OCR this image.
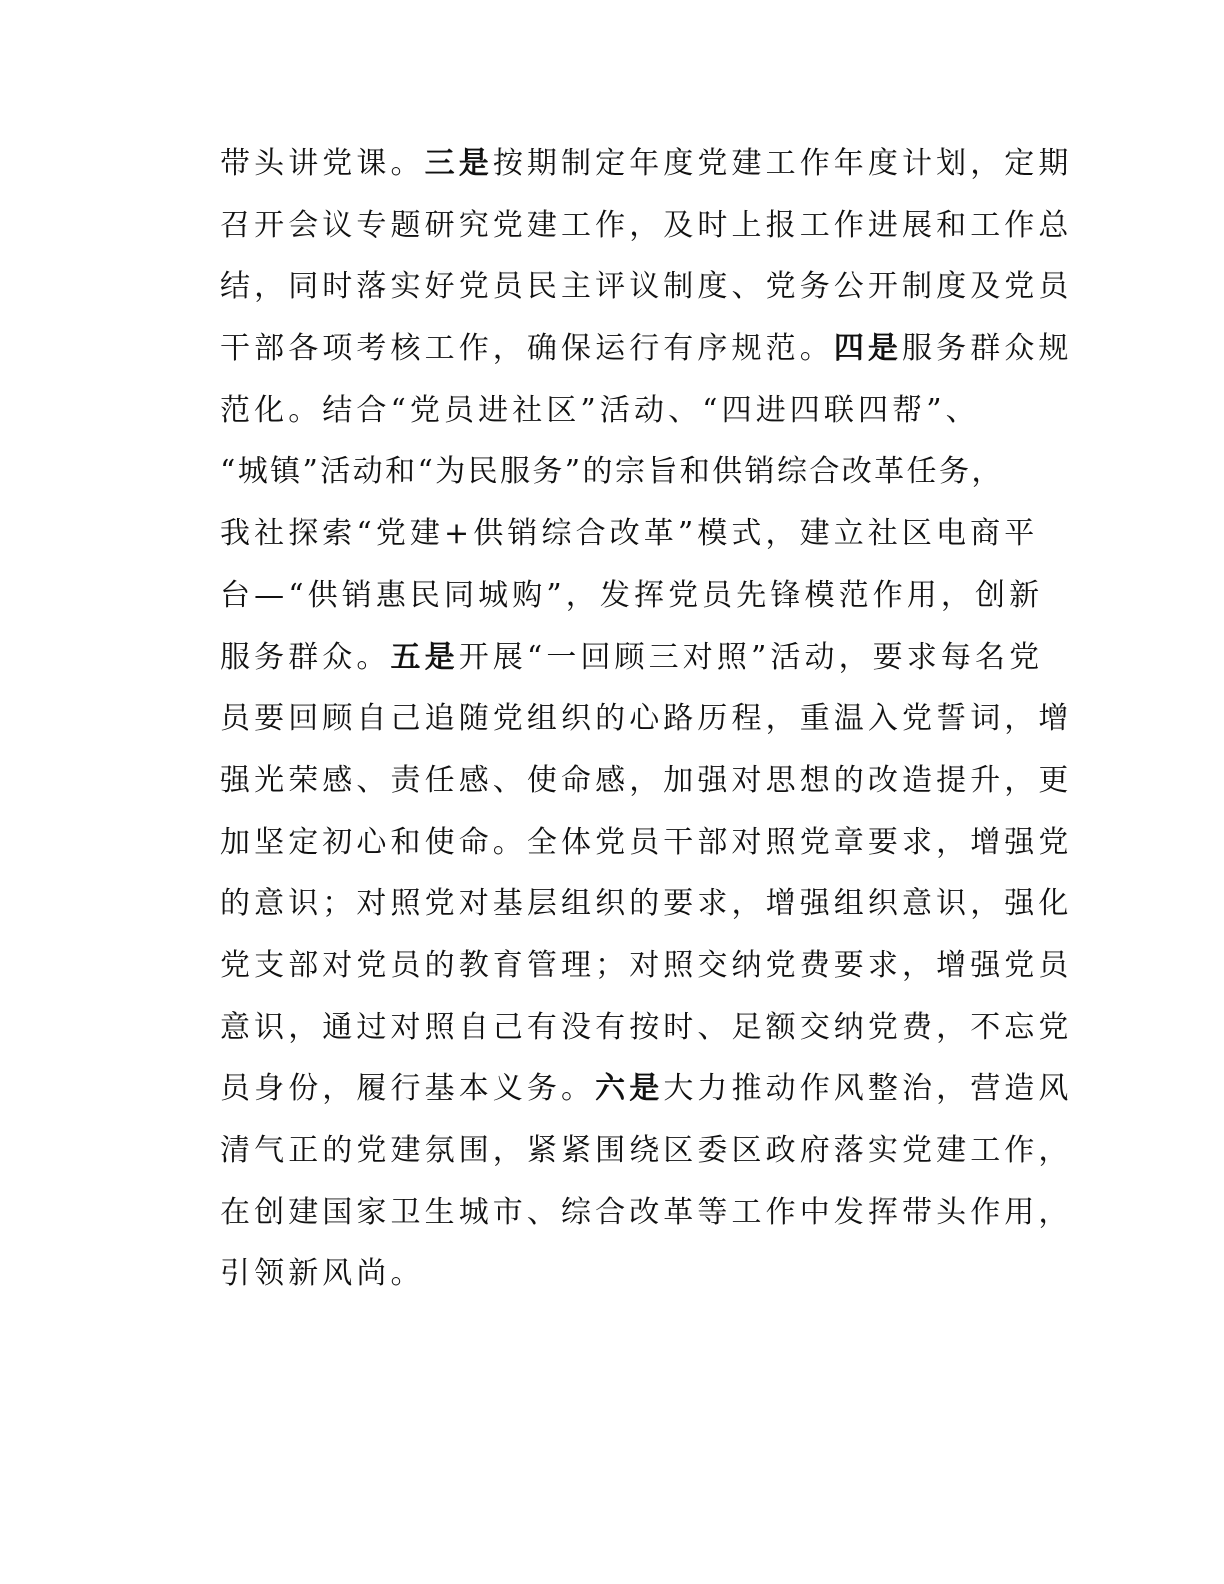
带头讲党课。三是按期制定年度党建工作年度计划，定期
召开会议专题研究党建工作，及时上报工作进展和工作总
结，同时落实好党员民主评议制度、党务公开制度及党员
干部各项考核工作，确保运行有序规范。四是服务群众规
范化。结合“党员进社区”活动、“四进四联四帮”、
“城镇”活动和“为民服务”的宗旨和供销综合改革任务，
我社探索“党建+供销综合改革”模式，建立社区电商平
台—“供销惠民同城购”，发挥党员先锋模范作用，创新
服务群众。五是开展“一回顾三对照”活动，要求每名党
员要回顾自己追随党组织的心路历程，重温入党誓词，增
强光荣感、责任感、使命感，加强对思想的改造提升，更
加坚定初心和使命。全体党员干部对照党章要求，增强党
的意识；对照党对基层组织的要求，增强组织意识，强化
党支部对党员的教育管理；对照交纳党费要求，增强党员
意识，通过对照自己有没有按时、足额交纳党费，不忘党
员身份，履行基本义务。六是大力推动作风整治，营造风
清气正的党建氛围，紧紧围绕区委区政府落实党建工作，
在创建国家卫生城市、综合改革等工作中发挥带头作用，
引领新风尚。
